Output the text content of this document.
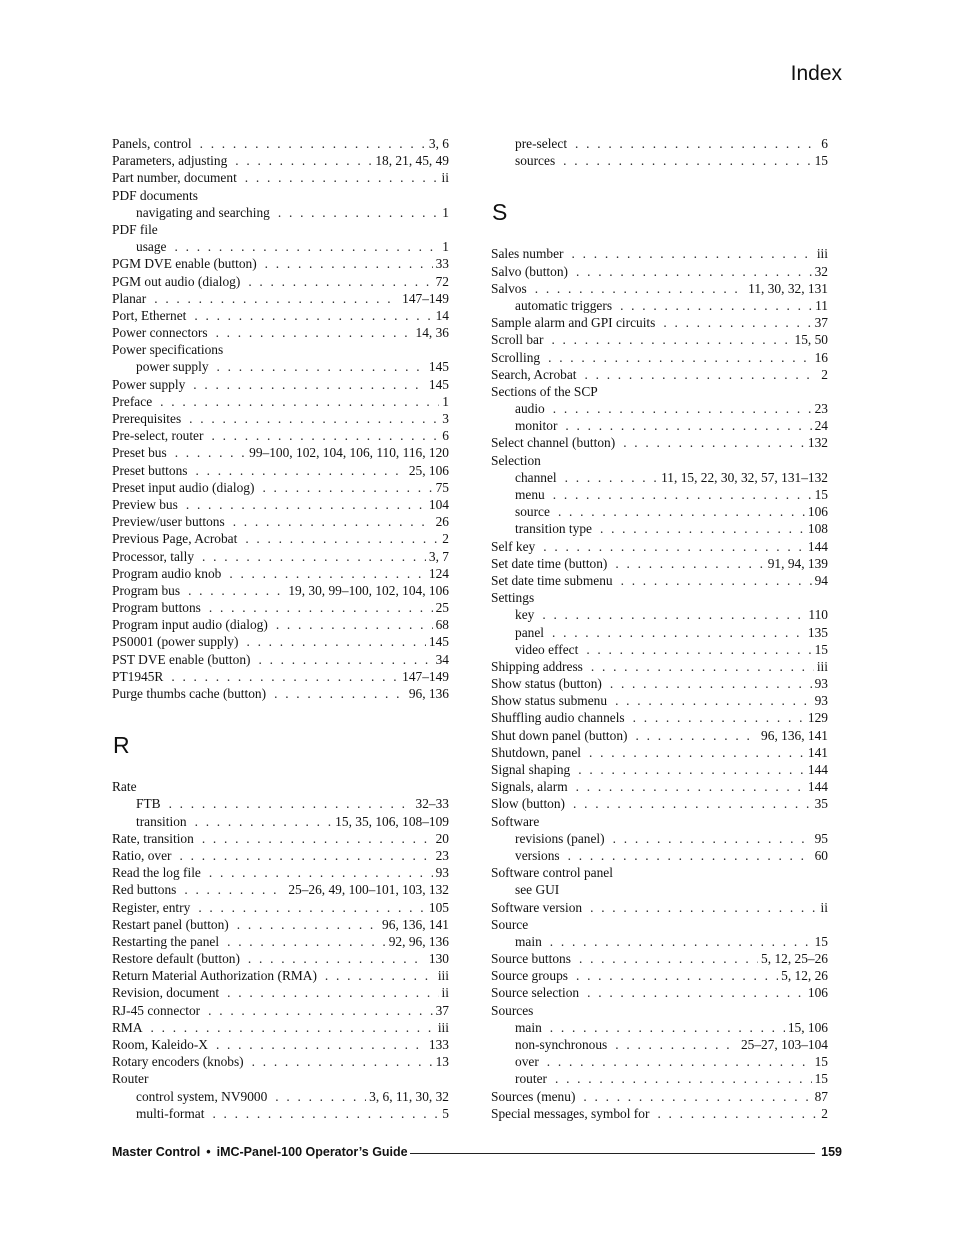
Index
Panels, control . . .	3, 6
Parameters, adjusting . . .	18, 21, 45, 49
Part number, document . . .	ii
PDF documents
navigating and searching . . .	1
PDF file
usage . . .	1
PGM DVE enable (button) . . .	33
PGM out audio (dialog) . . .	72
Planar . . .	147–149
Port, Ethernet . . .	14
Power connectors . . .	14, 36
Power specifications
power supply . . .	145
Power supply . . .	145
Preface . . .	1
Prerequisites . . .	3
Pre-select, router . . .	6
Preset bus . . .	99–100, 102, 104, 106, 110, 116, 120
Preset buttons . . .	25, 106
Preset input audio (dialog) . . .	75
Preview bus . . .	104
Preview/user buttons . . .	26
Previous Page, Acrobat . . .	2
Processor, tally . . .	3, 7
Program audio knob . . .	124
Program bus . . .	19, 30, 99–100, 102, 104, 106
Program buttons . . .	25
Program input audio (dialog) . . .	68
PS0001 (power supply) . . .	145
PST DVE enable (button) . . .	34
PT1945R . . .	147–149
Purge thumbs cache (button) . . .	96, 136
R
Rate
FTB . . .	32–33
transition . . .	15, 35, 106, 108–109
Rate, transition . . .	20
Ratio, over . . .	23
Read the log file . . .	93
Red buttons . . .	25–26, 49, 100–101, 103, 132
Register, entry . . .	105
Restart panel (button) . . .	96, 136, 141
Restarting the panel . . .	92, 96, 136
Restore default (button) . . .	130
Return Material Authorization (RMA) . . .	iii
Revision, document . . .	ii
RJ-45 connector . . .	37
RMA . . .	iii
Room, Kaleido-X . . .	133
Rotary encoders (knobs) . . .	13
Router
control system, NV9000 . . .	3, 6, 11, 30, 32
multi-format . . .	5
pre-select . . .	6
sources . . .	15
S
Sales number . . .	iii
Salvo (button) . . .	32
Salvos . . .	11, 30, 32, 131
automatic triggers . . .	11
Sample alarm and GPI circuits . . .	37
Scroll bar . . .	15, 50
Scrolling . . .	16
Search, Acrobat . . .	2
Sections of the SCP
audio . . .	23
monitor . . .	24
Select channel (button) . . .	132
Selection
channel . . .	11, 15, 22, 30, 32, 57, 131–132
menu . . .	15
source . . .	106
transition type . . .	108
Self key . . .	144
Set date time (button) . . .	91, 94, 139
Set date time submenu . . .	94
Settings
key . . .	110
panel . . .	135
video effect . . .	15
Shipping address . . .	iii
Show status (button) . . .	93
Show status submenu . . .	93
Shuffling audio channels . . .	129
Shut down panel (button) . . .	96, 136, 141
Shutdown, panel . . .	141
Signal shaping . . .	144
Signals, alarm . . .	144
Slow (button) . . .	35
Software
revisions (panel) . . .	95
versions . . .	60
Software control panel
see GUI
Software version . . .	ii
Source
main . . .	15
Source buttons . . .	5, 12, 25–26
Source groups . . .	5, 12, 26
Source selection . . .	106
Sources
main . . .	15, 106
non-synchronous . . .	25–27, 103–104
over . . .	15
router . . .	15
Sources (menu) . . .	87
Special messages, symbol for . . .	2
Master Control • iMC-Panel-100 Operator’s Guide	159
